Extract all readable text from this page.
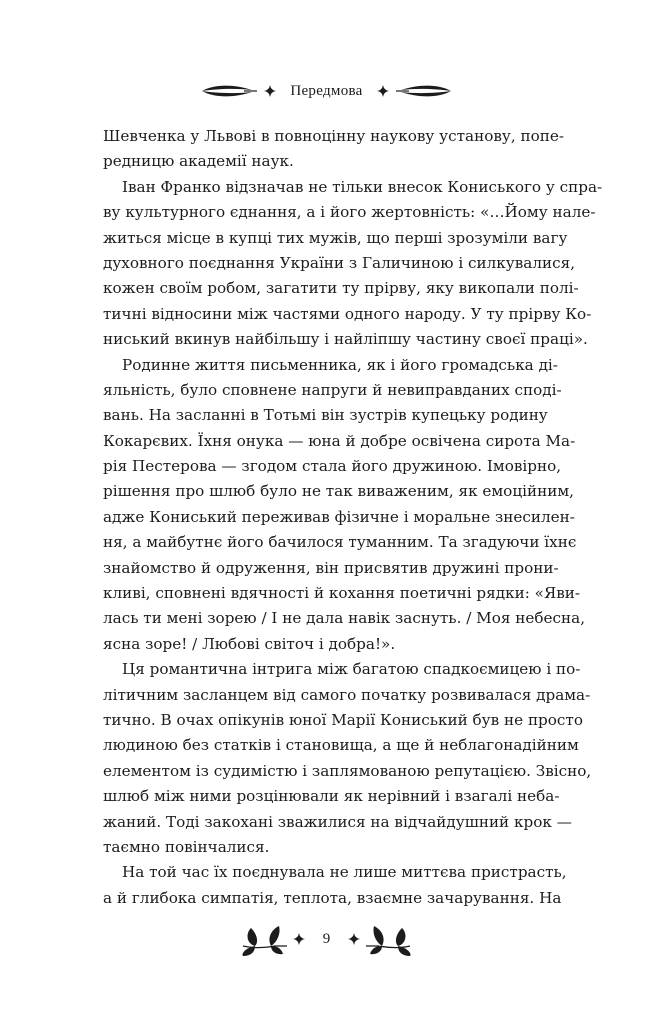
Передмова

Шевченка у Львові в повноцінну наукову установу, попе-
редницю академії наук.

Іван Франко відзначав не тільки внесок Кониського у спра-
ву культурного єднання, а і його жертовність: «…Йому нале-
житься місце в купці тих мужів, що перші зрозуміли вагу
духовного поєднання України з Галичиною і силкувалися,
кожен своїм робом, загатити ту прірву, яку викопали полі-
тичні відносини між частями одного народу. У ту прірву Ко-
ниський вкинув найбільшу і найліпшу частину своєї праці».

Родинне життя письменника, як і його громадська ді-
яльність, було сповнене напруги й невиправданих сподi-
вань. На засланні в Тотьмі він зустрів купецьку родину
Кокарєвих. Їхня онука — юна й добре освічена сирота Ма-
рія Пестерова — згодом стала його дружиною. Імовірно,
рішення про шлюб було не так виваженим, як емоційним,
адже Кониський переживав фізичне і моральне знесилен-
ня, а майбутнє його бачилося туманним. Та згадуючи їхнє
знайомство й одруження, він присвятив дружині прони-
кливі, сповнені вдячності й кохання поетичні рядки: «Яви-
лась ти мені зорею / І не дала навік заснуть. / Моя небесна,
ясна зоре! / Любові світоч і добра!».

Ця романтична інтрига між багатою спадкоємицею і по-
літичним засланцем від самого початку розвивалася драма-
тично. В очах опікунів юної Марії Кониський був не просто
людиною без статків і становища, а ще й неблагонадійним
елементом із судимістю і заплямованою репутацією. Звісно,
шлюб між ними розцінювали як нерівний і взагалі неба-
жаний. Тоді закохані зважилися на відчайдушний крок —
таємно повінчалися.

На той час їх поєднувала не лише миттєва пристрасть,
а й глибока симпатія, теплота, взаємне зачарування. На

9
